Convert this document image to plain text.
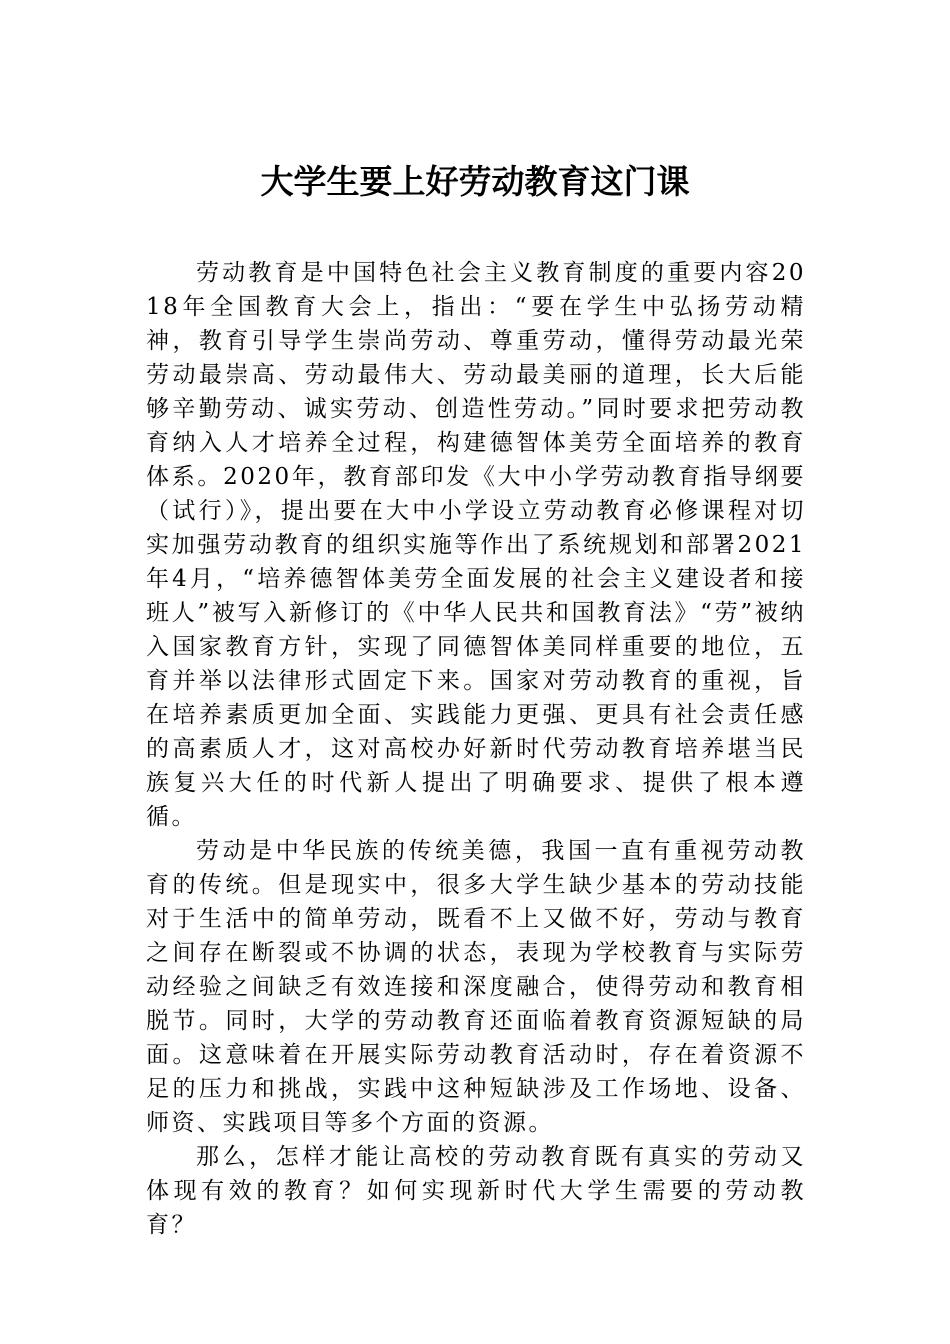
大学生要上好劳动教育这门课

劳动教育是中国特色社会主义教育制度的重要内容2018年全国教育大会上，指出：“要在学生中弘扬劳动精神，教育引导学生崇尚劳动、尊重劳动，懂得劳动最光荣劳动最崇高、劳动最伟大、劳动最美丽的道理，长大后能够辛勤劳动、诚实劳动、创造性劳动。”同时要求把劳动教育纳入人才培养全过程，构建德智体美劳全面培养的教育体系。2020年，教育部印发《大中小学劳动教育指导纲要（试行）》，提出要在大中小学设立劳动教育必修课程对切实加强劳动教育的组织实施等作出了系统规划和部署2021年4月，“培养德智体美劳全面发展的社会主义建设者和接班人”被写入新修订的《中华人民共和国教育法》“劳”被纳入国家教育方针，实现了同德智体美同样重要的地位，五育并举以法律形式固定下来。国家对劳动教育的重视，旨在培养素质更加全面、实践能力更强、更具有社会责任感的高素质人才，这对高校办好新时代劳动教育培养堪当民族复兴大任的时代新人提出了明确要求、提供了根本遵循。

劳动是中华民族的传统美德，我国一直有重视劳动教育的传统。但是现实中，很多大学生缺少基本的劳动技能对于生活中的简单劳动，既看不上又做不好，劳动与教育之间存在断裂或不协调的状态，表现为学校教育与实际劳动经验之间缺乏有效连接和深度融合，使得劳动和教育相脱节。同时，大学的劳动教育还面临着教育资源短缺的局面。这意味着在开展实际劳动教育活动时，存在着资源不足的压力和挑战，实践中这种短缺涉及工作场地、设备、师资、实践项目等多个方面的资源。

那么，怎样才能让高校的劳动教育既有真实的劳动又体现有效的教育？如何实现新时代大学生需要的劳动教育？
